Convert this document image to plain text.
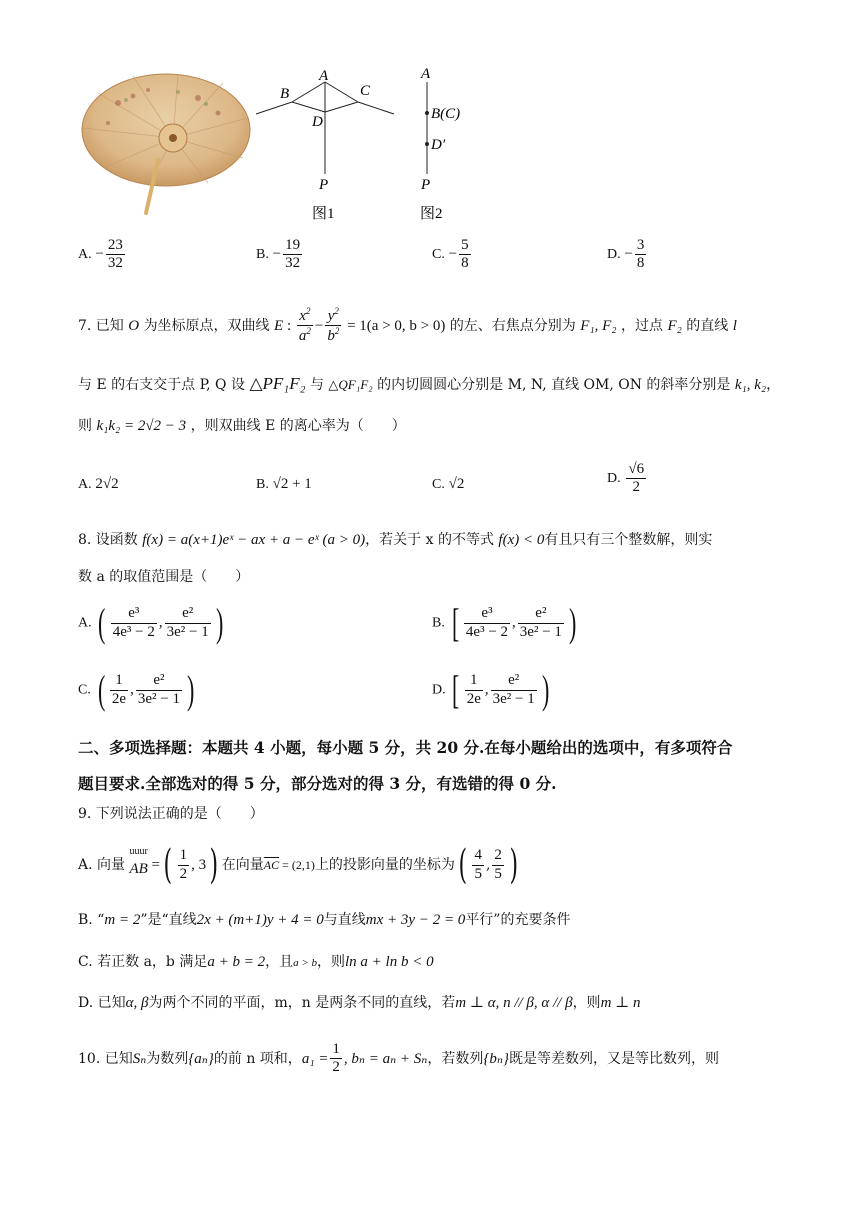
A
B	C
D
P
图1
A
B(C)
D′
P
图2
A. − $\frac{23}{32}$	B. − $\frac{19}{32}$	C. − $\frac{5}{8}$	D. − $\frac{3}{8}$
7. 已知 O 为坐标原点，双曲线 E : $\frac{x^2}{a^2} - \frac{y^2}{b^2} = 1(a > 0$, b > 0) 的左、右焦点分别为 F₁, F₂ ，过点 F₂ 的直线 l
与 E 的右支交于点 P, Q 设 △PF₁F₂ 与 △QF₁F₂ 的内切圆圆心分别是 M, N, 直线 OM, ON 的斜率分别是 k₁, k₂，
则 k₁k₂ = 2√2 − 3 ，则双曲线 E 的离心率为（　　）
A. 2√2	B. √2 + 1	C. √2	D. $\frac{√6}{2}$
8. 设函数 f(x) = a(x+1)eˣ − ax + a − eˣ (a > 0)，若关于 x 的不等式 f(x) < 0有且只有三个整数解，则实
数 a 的取值范围是（　　）
A. ( $\frac{\text{e³}}{\text{4e³ − 2}}$ , $\frac{\text{e²}}{\text{3e² − 1}}$ )	B. [ $\frac{\text{e³}}{\text{4e³ − 2}}$ , $\frac{\text{e²}}{\text{3e² − 1}}$ )
C. ( $\frac{1}{2e}$ , $\frac{\text{e²}}{\text{3e² − 1}}$ )	D. [ $\frac{1}{2e}$ , $\frac{\text{e²}}{\text{3e² − 1}}$ )
二、多项选择题：本题共 4 小题，每小题 5 分，共 20 分.在每小题给出的选项中，有多项符合
题目要求.全部选对的得 5 分，部分选对的得 3 分，有选错的得 0 分.
9. 下列说法正确的是（　　）
A. 向量
uuur
AB =( $\frac{1}{2}$ , 3) 在向量$\overline{AC} = (2,1)$上的投影向量的坐标为( $\frac{4}{5}$ , $\frac{2}{5}$ )
B. “m = 2”是“直线2x + (m+1)y + 4 = 0与直线mx + 3y − 2 = 0平行”的充要条件
C. 若正数 a，b 满足a + b = 2，且a > b，则ln a + ln b < 0
D. 已知α, β为两个不同的平面，m，n 是两条不同的直线，若m ⊥ α, n // β, α // β，则m ⊥ n
10. 已知Sₙ为数列{aₙ}的前 n 项和，$a_1 = \frac{1}{2}$ , bₙ = aₙ + Sₙ，若数列{bₙ}既是等差数列，又是等比数列，则
